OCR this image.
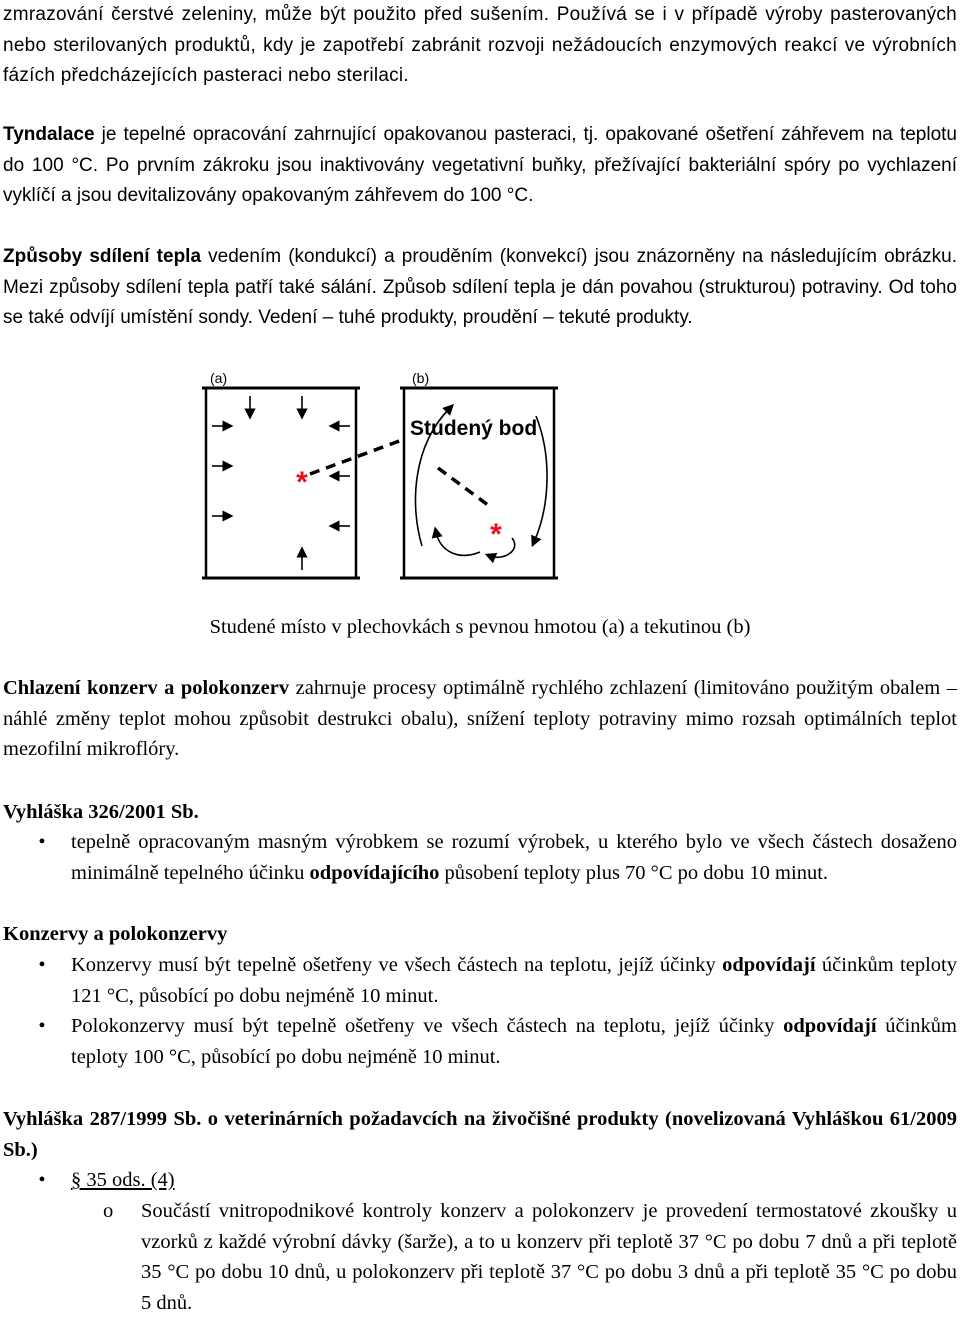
zmrazování čerstvé zeleniny, může být použito před sušením. Používá se i v případě výroby pasterovaných nebo sterilovaných produktů, kdy je zapotřebí zabránit rozvoji nežádoucích enzymových reakcí ve výrobních fázích předcházejících pasteraci nebo sterilaci.

Tyndalace je tepelné opracování zahrnující opakovanou pasteraci, tj. opakované ošetření záhřevem na teplotu do 100 °C. Po prvním zákroku jsou inaktivovány vegetativní buňky, přežívající bakteriální spóry po vychlazení vyklíčí a jsou devitalizovány opakovaným záhřevem do 100 °C.

Způsoby sdílení tepla vedením (kondukcí) a prouděním (konvekcí) jsou znázorněny na následujícím obrázku. Mezi způsoby sdílení tepla patří také sálání. Způsob sdílení tepla je dán povahou (strukturou) potraviny. Od toho se také odvíjí umístění sondy. Vedení – tuhé produkty, proudění – tekuté produkty.

*
*
(a)	(b)
Studený bod
Studené místo v plechovkách s pevnou hmotou (a) a tekutinou (b)

Chlazení konzerv a polokonzerv zahrnuje procesy optimálně rychlého zchlazení (limitováno použitým obalem – náhlé změny teplot mohou způsobit destrukci obalu), snížení teploty potraviny mimo rozsah optimálních teplot mezofilní mikroflóry.

Vyhláška 326/2001 Sb.
• tepelně opracovaným masným výrobkem se rozumí výrobek, u kterého bylo ve všech částech dosaženo minimálně tepelného účinku odpovídajícího působení teploty plus 70 °C po dobu 10 minut.

Konzervy a polokonzervy
• Konzervy musí být tepelně ošetřeny ve všech částech na teplotu, jejíž účinky odpovídají účinkům teploty 121 °C, působící po dobu nejméně 10 minut.

• Polokonzervy musí být tepelně ošetřeny ve všech částech na teplotu, jejíž účinky odpovídají účinkům teploty 100 °C, působící po dobu nejméně 10 minut.

Vyhláška 287/1999 Sb. o veterinárních požadavcích na živočišné produkty (novelizovaná Vyhláškou 61/2009 Sb.)

• § 35 ods. (4)
o Součástí vnitropodnikové kontroly konzerv a polokonzerv je provedení termostatové zkoušky u vzorků z každé výrobní dávky (šarže), a to u konzerv při teplotě 37 °C po dobu 7 dnů a při teplotě 35 °C po dobu 10 dnů, u polokonzerv při teplotě 37 °C po dobu 3 dnů a při teplotě 35 °C po dobu 5 dnů.
